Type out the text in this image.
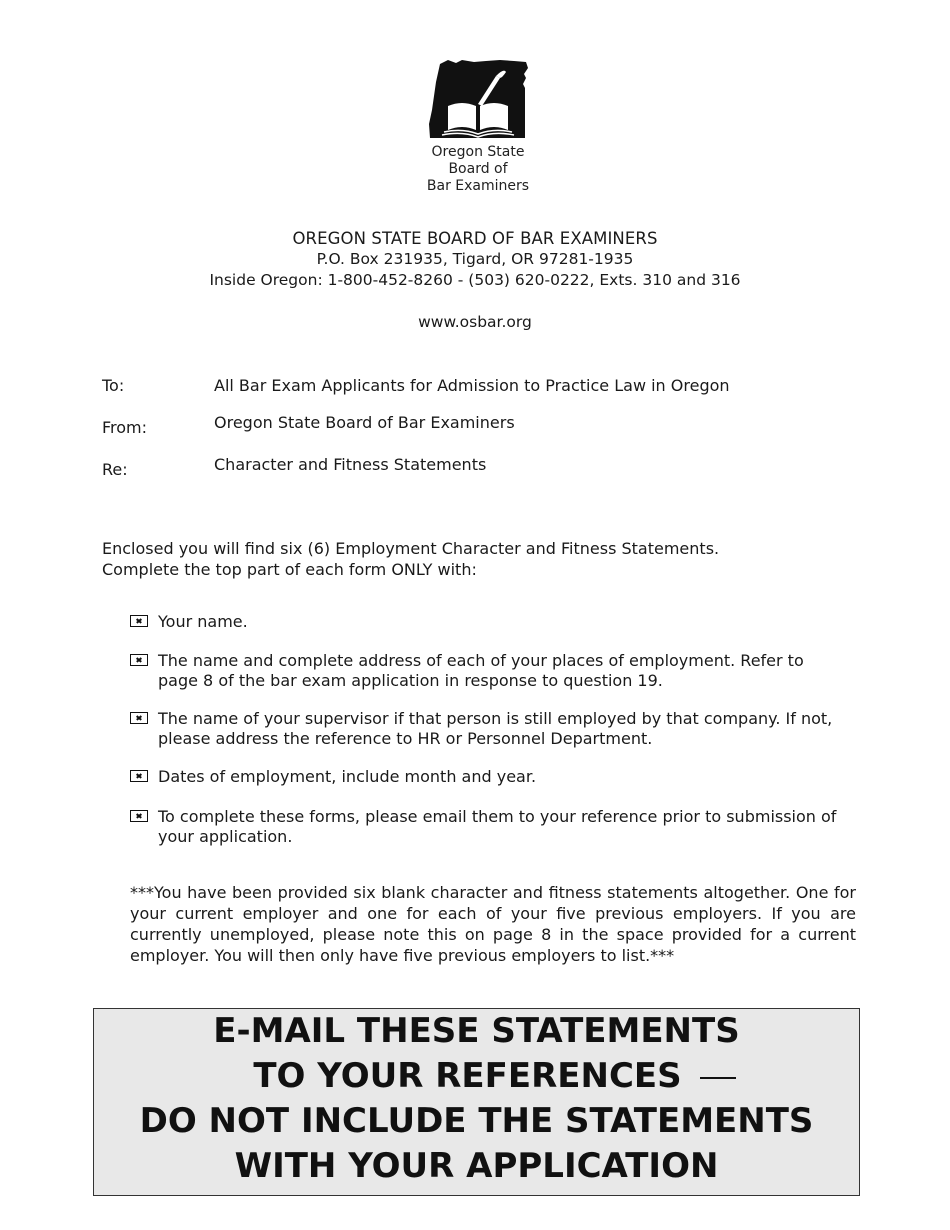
Oregon State
Board of
Bar Examiners
OREGON STATE BOARD OF BAR EXAMINERS
P.O. Box 231935, Tigard, OR 97281-1935
Inside Oregon: 1-800-452-8260 - (503) 620-0222, Exts. 310 and 316
www.osbar.org
To:	All Bar Exam Applicants for Admission to Practice Law in Oregon
From:	Oregon State Board of Bar Examiners
Re:	Character and Fitness Statements
Enclosed you will find six (6) Employment Character and Fitness Statements.
Complete the top part of each form ONLY with:
Your name.
The name and complete address of each of your places of employment. Refer to
page 8 of the bar exam application in response to question 19.
The name of your supervisor if that person is still employed by that company. If not,
please address the reference to HR or Personnel Department.
Dates of employment, include month and year.
To complete these forms, please email them to your reference prior to submission of
your application.
***You have been provided six blank character and fitness statements altogether. One for your current employer and one for each of your five previous employers. If you are currently unemployed, please note this on page 8 in the space provided for a current employer. You will then only have five previous employers to list.***
E-MAIL THESE STATEMENTS
TO YOUR REFERENCES
DO NOT INCLUDE THE STATEMENTS
WITH YOUR APPLICATION
